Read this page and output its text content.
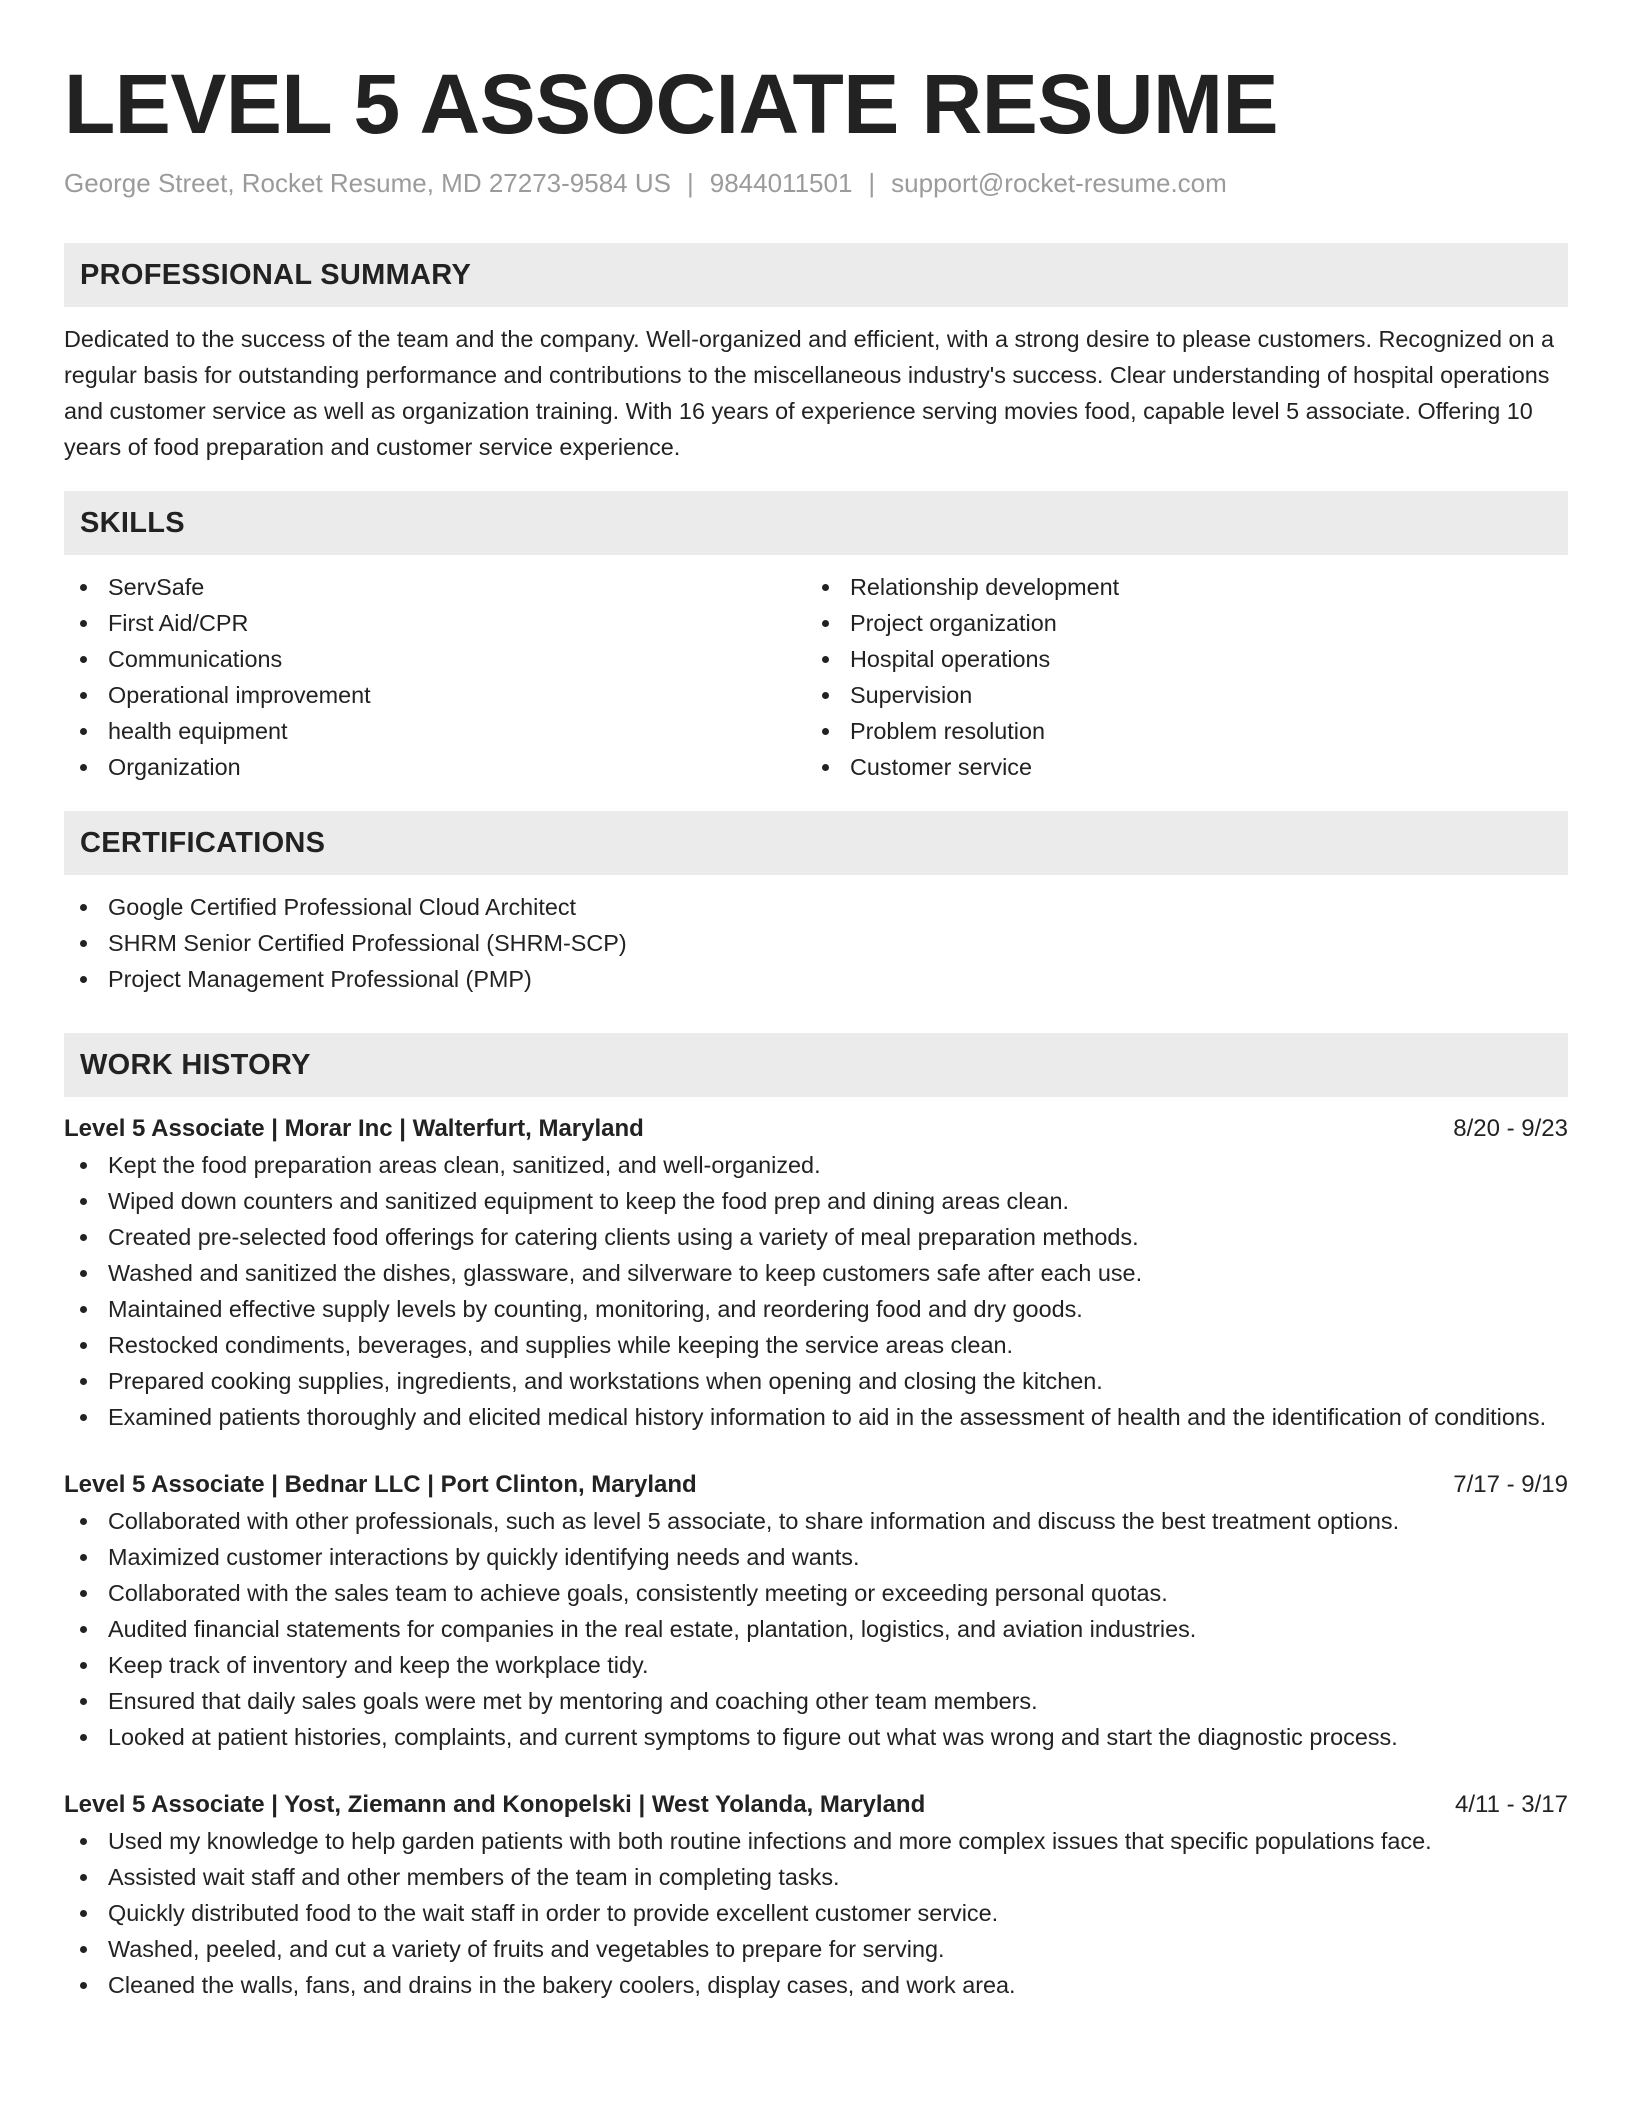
LEVEL 5 ASSOCIATE RESUME
George Street, Rocket Resume, MD 27273-9584 US | 9844011501 | support@rocket-resume.com
PROFESSIONAL SUMMARY

Dedicated to the success of the team and the company. Well-organized and efficient, with a strong desire to please customers. Recognized on a regular basis for outstanding performance and contributions to the miscellaneous industry's success. Clear understanding of hospital operations and customer service as well as organization training. With 16 years of experience serving movies food, capable level 5 associate. Offering 10 years of food preparation and customer service experience.

SKILLS
ServSafe
First Aid/CPR
Communications
Operational improvement
health equipment
Organization
Relationship development
Project organization
Hospital operations
Supervision
Problem resolution
Customer service
CERTIFICATIONS
Google Certified Professional Cloud Architect
SHRM Senior Certified Professional (SHRM-SCP)
Project Management Professional (PMP)
WORK HISTORY
Level 5 Associate | Morar Inc | Walterfurt, Maryland	8/20 - 9/23
Kept the food preparation areas clean, sanitized, and well-organized.
Wiped down counters and sanitized equipment to keep the food prep and dining areas clean.
Created pre-selected food offerings for catering clients using a variety of meal preparation methods.
Washed and sanitized the dishes, glassware, and silverware to keep customers safe after each use.
Maintained effective supply levels by counting, monitoring, and reordering food and dry goods.
Restocked condiments, beverages, and supplies while keeping the service areas clean.
Prepared cooking supplies, ingredients, and workstations when opening and closing the kitchen.
Examined patients thoroughly and elicited medical history information to aid in the assessment of health and the identification of conditions.
Level 5 Associate | Bednar LLC | Port Clinton, Maryland	7/17 - 9/19
Collaborated with other professionals, such as level 5 associate, to share information and discuss the best treatment options.
Maximized customer interactions by quickly identifying needs and wants.
Collaborated with the sales team to achieve goals, consistently meeting or exceeding personal quotas.
Audited financial statements for companies in the real estate, plantation, logistics, and aviation industries.
Keep track of inventory and keep the workplace tidy.
Ensured that daily sales goals were met by mentoring and coaching other team members.
Looked at patient histories, complaints, and current symptoms to figure out what was wrong and start the diagnostic process.
Level 5 Associate | Yost, Ziemann and Konopelski | West Yolanda, Maryland	4/11 - 3/17
Used my knowledge to help garden patients with both routine infections and more complex issues that specific populations face.
Assisted wait staff and other members of the team in completing tasks.
Quickly distributed food to the wait staff in order to provide excellent customer service.
Washed, peeled, and cut a variety of fruits and vegetables to prepare for serving.
Cleaned the walls, fans, and drains in the bakery coolers, display cases, and work area.
